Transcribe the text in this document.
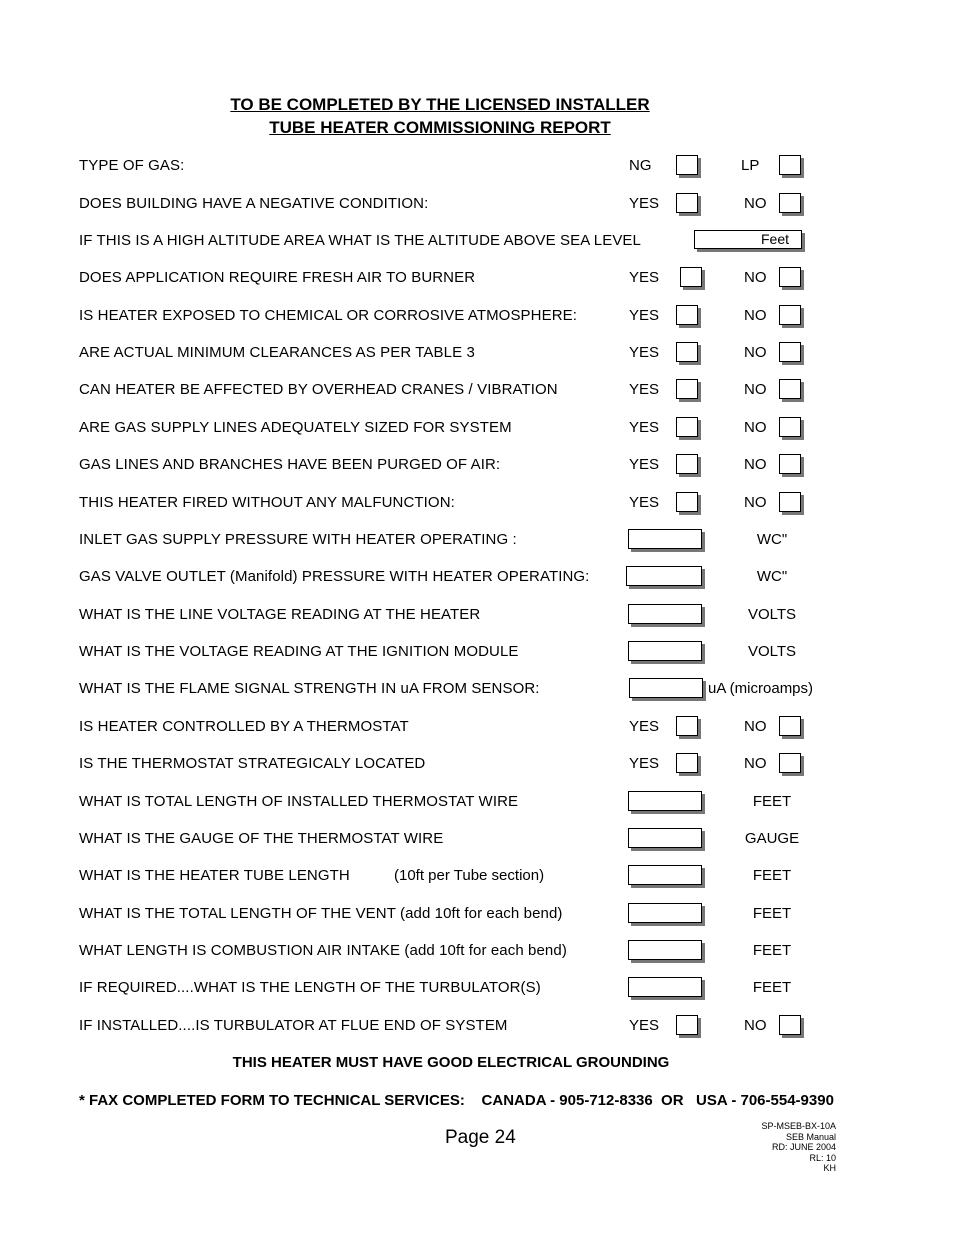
TO BE COMPLETED BY THE LICENSED INSTALLER
TUBE HEATER COMMISSIONING REPORT
TYPE OF GAS:	NG	LP
DOES BUILDING HAVE A NEGATIVE CONDITION:	YES	NO
IF THIS IS A HIGH ALTITUDE AREA WHAT IS THE ALTITUDE ABOVE SEA LEVEL	Feet
DOES APPLICATION REQUIRE FRESH AIR TO BURNER	YES	NO
IS HEATER EXPOSED TO CHEMICAL OR CORROSIVE ATMOSPHERE:	YES	NO
ARE ACTUAL MINIMUM CLEARANCES AS PER TABLE 3	YES	NO
CAN HEATER BE AFFECTED BY OVERHEAD CRANES / VIBRATION	YES	NO
ARE GAS SUPPLY LINES ADEQUATELY SIZED FOR SYSTEM	YES	NO
GAS LINES AND BRANCHES HAVE BEEN PURGED OF AIR:	YES	NO
THIS HEATER FIRED WITHOUT ANY MALFUNCTION:	YES	NO
INLET GAS SUPPLY PRESSURE WITH HEATER OPERATING :	WC"
GAS VALVE OUTLET (Manifold) PRESSURE WITH HEATER OPERATING:	WC"
WHAT IS THE LINE VOLTAGE READING AT THE HEATER	VOLTS
WHAT IS THE VOLTAGE READING AT THE IGNITION MODULE	VOLTS
WHAT IS THE FLAME SIGNAL STRENGTH IN uA FROM SENSOR:	uA (microamps)
IS HEATER CONTROLLED BY A THERMOSTAT	YES	NO
IS THE THERMOSTAT STRATEGICALY LOCATED	YES	NO
WHAT IS TOTAL LENGTH OF INSTALLED THERMOSTAT WIRE	FEET
WHAT IS THE GAUGE OF THE THERMOSTAT WIRE	GAUGE
WHAT IS THE HEATER TUBE LENGTH	(10ft per Tube section)	FEET
WHAT IS THE TOTAL LENGTH OF THE VENT (add 10ft for each bend)	FEET
WHAT LENGTH IS COMBUSTION AIR INTAKE (add 10ft for each bend)	FEET
IF REQUIRED....WHAT IS THE LENGTH OF THE TURBULATOR(S)	FEET
IF INSTALLED....IS TURBULATOR AT FLUE END OF SYSTEM	YES	NO
THIS HEATER MUST HAVE GOOD ELECTRICAL GROUNDING
* FAX COMPLETED FORM TO TECHNICAL SERVICES:    CANADA - 905-712-8336  OR   USA - 706-554-9390
Page 24
SP-MSEB-BX-10A
SEB Manual
RD: JUNE 2004
RL: 10
KH
